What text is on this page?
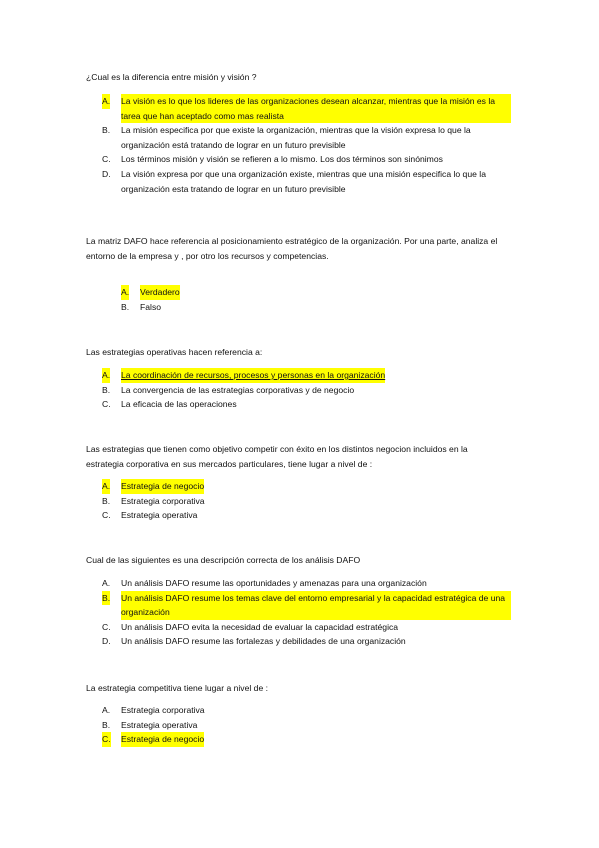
¿Cual es la diferencia entre misión y visión ?

A. La visión es lo que los lideres de las organizaciones desean alcanzar, mientras que la misión es la tarea que han aceptado como mas realista
B. La misión especifica por que existe la organización, mientras que la visión expresa lo que la organización está tratando de lograr en un futuro previsible
C. Los términos misión y visión se refieren a lo mismo. Los dos términos son sinónimos
D. La visión expresa por que una organización existe, mientras que una misión especifica lo que la organización esta tratando de lograr en un futuro previsible

La matriz DAFO hace referencia al posicionamiento estratégico de la organización. Por una parte, analiza el entorno de la empresa y , por otro los recursos y competencias.

A. Verdadero
B. Falso

Las estrategias operativas hacen referencia a:

A. La coordinación de recursos, procesos y personas en la organización
B. La convergencia de las estrategias corporativas y de negocio
C. La eficacia de las operaciones

Las estrategias que tienen como objetivo competir con éxito en los distintos negocion incluidos en la estrategia corporativa en sus mercados particulares, tiene lugar a nivel de :

A. Estrategia de negocio
B. Estrategia corporativa
C. Estrategia operativa

Cual de las siguientes es una descripción correcta de los análisis DAFO

A. Un análisis DAFO resume las oportunidades y amenazas para una organización
B. Un análisis DAFO resume los temas clave del entorno empresarial y la capacidad estratégica de una organización
C. Un análisis DAFO evita la necesidad de evaluar la capacidad estratégica
D. Un análisis DAFO resume las fortalezas y debilidades de una organización

La estrategia competitiva tiene lugar a nivel de :

A. Estrategia corporativa
B. Estrategia operativa
C. Estrategia de negocio
